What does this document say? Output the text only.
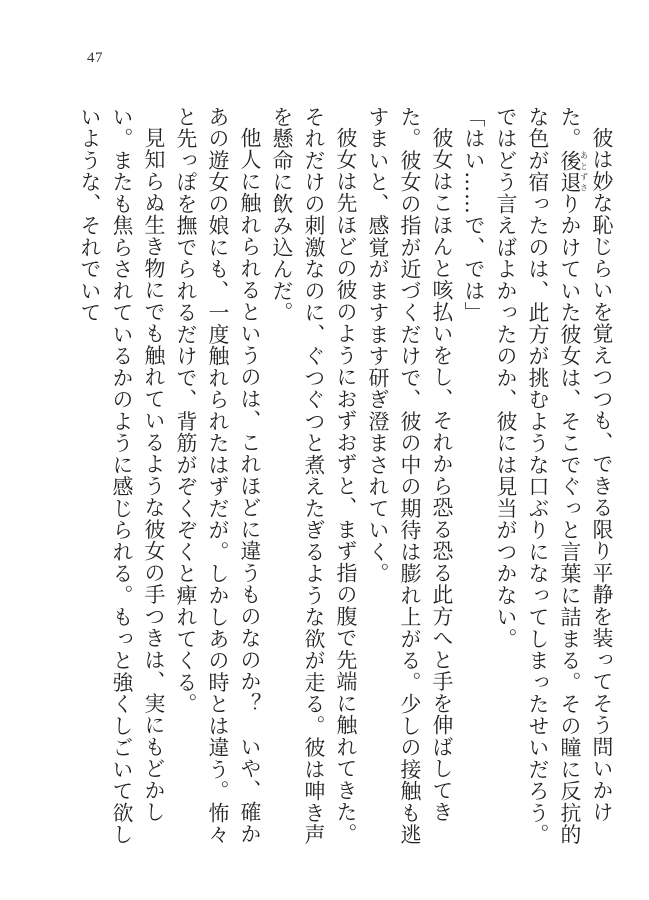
47

彼は妙な恥じらいを覚えつつも、できる限り平静を装ってそう問いかけた。後退あとずさりかけていた彼女は、そこでぐっと言葉に詰まる。その瞳に反抗的な色が宿ったのは、此方が挑むような口ぶりになってしまったせいだろう。ではどう言えばよかったのか、彼には見当がつかない。

「はい……で、では」

彼女はこほんと咳払いをし、それから恐る恐る此方へと手を伸ばしてきた。彼女の指が近づくだけで、彼の中の期待は膨れ上がる。少しの接触も逃すまいと、感覚がますます研ぎ澄まされていく。

彼女は先ほどの彼のようにおずおずと、まず指の腹で先端に触れてきた。それだけの刺激なのに、ぐつぐつと煮えたぎるような欲が走る。彼は呻き声を懸命に飲み込んだ。

他人に触れられるというのは、これほどに違うものなのか？　いや、確かあの遊女の娘にも、一度触れられたはずだが。しかしあの時とは違う。怖々と先っぽを撫でられるだけで、背筋がぞくぞくと痺れてくる。

見知らぬ生き物にでも触れているような彼女の手つきは、実にもどかしい。またも焦らされているかのように感じられる。もっと強くしごいて欲しいような、それでいて
